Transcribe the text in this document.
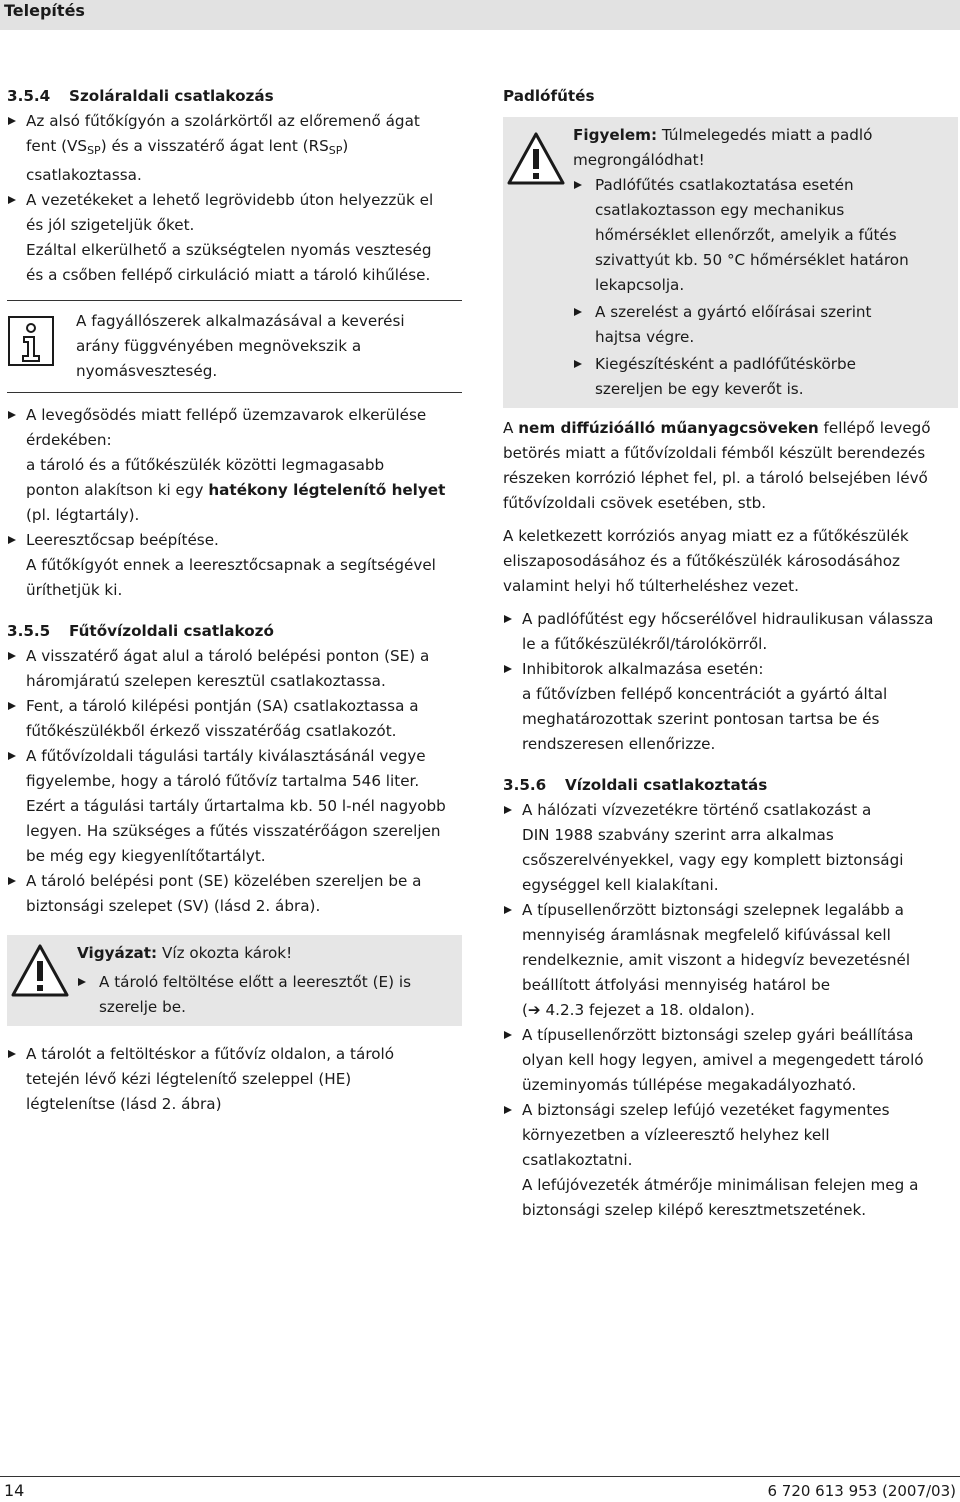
Telepítés
3.5.4 Szoláraldali csatlakozás
Az alsó fűtőkígyón a szolárkörtől az előremenő ágat
fent $(VS_{SP})$ és a visszatérő ágat lent $(RS_{SP})$
csatlakoztassa.
A vezetékeket a lehető legrövidebb úton helyezzük el
és jól szigeteljük őket.
Ezáltal elkerülhető a szükségtelen nyomás veszteség
és a csőben fellépő cirkuláció miatt a tároló kihűlése.
A fagyállószerek alkalmazásával a keverési
arány függvényében megnövekszik a
nyomásveszteség.
A levegősödés miatt fellépő üzemzavarok elkerülése
érdekében:
a tároló és a fűtőkészülék közötti legmagasabb
ponton alakítson ki egy hatékony légtelenítő helyet
(pl. légtartály).
Leeresztőcsap beépítése.
A fűtőkígyót ennek a leeresztőcsapnak a segítségével
üríthetjük ki.
3.5.5 Fűtővízoldali csatlakozó
A visszatérő ágat alul a tároló belépési ponton (SE) a
háromjáratú szelepen keresztül csatlakoztassa.
Fent, a tároló kilépési pontján (SA) csatlakoztassa a
fűtőkészülékből érkező visszatérőág csatlakozót.
A fűtővízoldali tágulási tartály kiválasztásánál vegye
figyelembe, hogy a tároló fűtővíz tartalma 546 liter.
Ezért a tágulási tartály űrtartalma kb. 50 l-nél nagyobb
legyen. Ha szükséges a fűtés visszatérőágon szereljen
be még egy kiegyenlítőtartályt.
A tároló belépési pont (SE) közelében szereljen be a
biztonsági szelepet (SV) (lásd 2. ábra).
Vigyázat: Víz okozta károk!
A tároló feltöltése előtt a leeresztőt (E) is
szerelje be.
A tárolót a feltöltéskor a fűtővíz oldalon, a tároló
tetején lévő kézi légtelenítő szeleppel (HE)
légtelenítse (lásd 2. ábra)
Padlófűtés
Figyelem: Túlmelegedés miatt a padló
megrongálódhat!
Padlófűtés csatlakoztatása esetén
csatlakoztasson egy mechanikus
hőmérséklet ellenőrzőt, amelyik a fűtés
szivattyút kb. 50 °C hőmérséklet határon
lekapcsolja.
A szerelést a gyártó előírásai szerint
hajtsa végre.
Kiegészítésként a padlófűtéskörbe
szereljen be egy keverőt is.

A nem diffúzióálló műanyagcsöveken fellépő levegő
betörés miatt a fűtővízoldali fémből készült berendezés
részeken korrózió léphet fel, pl. a tároló belsejében lévő
fűtővízoldali csövek esetében, stb.

A keletkezett korróziós anyag miatt ez a fűtőkészülék
eliszaposodásához és a fűtőkészülék károsodásához
valamint helyi hő túlterheléshez vezet.

A padlófűtést egy hőcserélővel hidraulikusan válassza
le a fűtőkészülékről/tárolókörről.
Inhibitorok alkalmazása esetén:
a fűtővízben fellépő koncentrációt a gyártó által
meghatározottak szerint pontosan tartsa be és
rendszeresen ellenőrizze.
3.5.6 Vízoldali csatlakoztatás
A hálózati vízvezetékre történő csatlakozást a
DIN 1988 szabvány szerint arra alkalmas
csőszerelvényekkel, vagy egy komplett biztonsági
egységgel kell kialakítani.
A típusellenőrzött biztonsági szelepnek legalább a
mennyiség áramlásnak megfelelő kifúvással kell
rendelkeznie, amit viszont a hidegvíz bevezetésnél
beállított átfolyási mennyiség határol be
(➔ 4.2.3 fejezet a 18. oldalon).
A típusellenőrzött biztonsági szelep gyári beállítása
olyan kell hogy legyen, amivel a megengedett tároló
üzeminyomás túllépése megakadályozható.
A biztonsági szelep lefújó vezetéket fagymentes
környezetben a vízleeresztő helyhez kell
csatlakoztatni.
A lefújóvezeték átmérője minimálisan felejen meg a
biztonsági szelep kilépő keresztmetszetének.
14	6 720 613 953 (2007/03)
